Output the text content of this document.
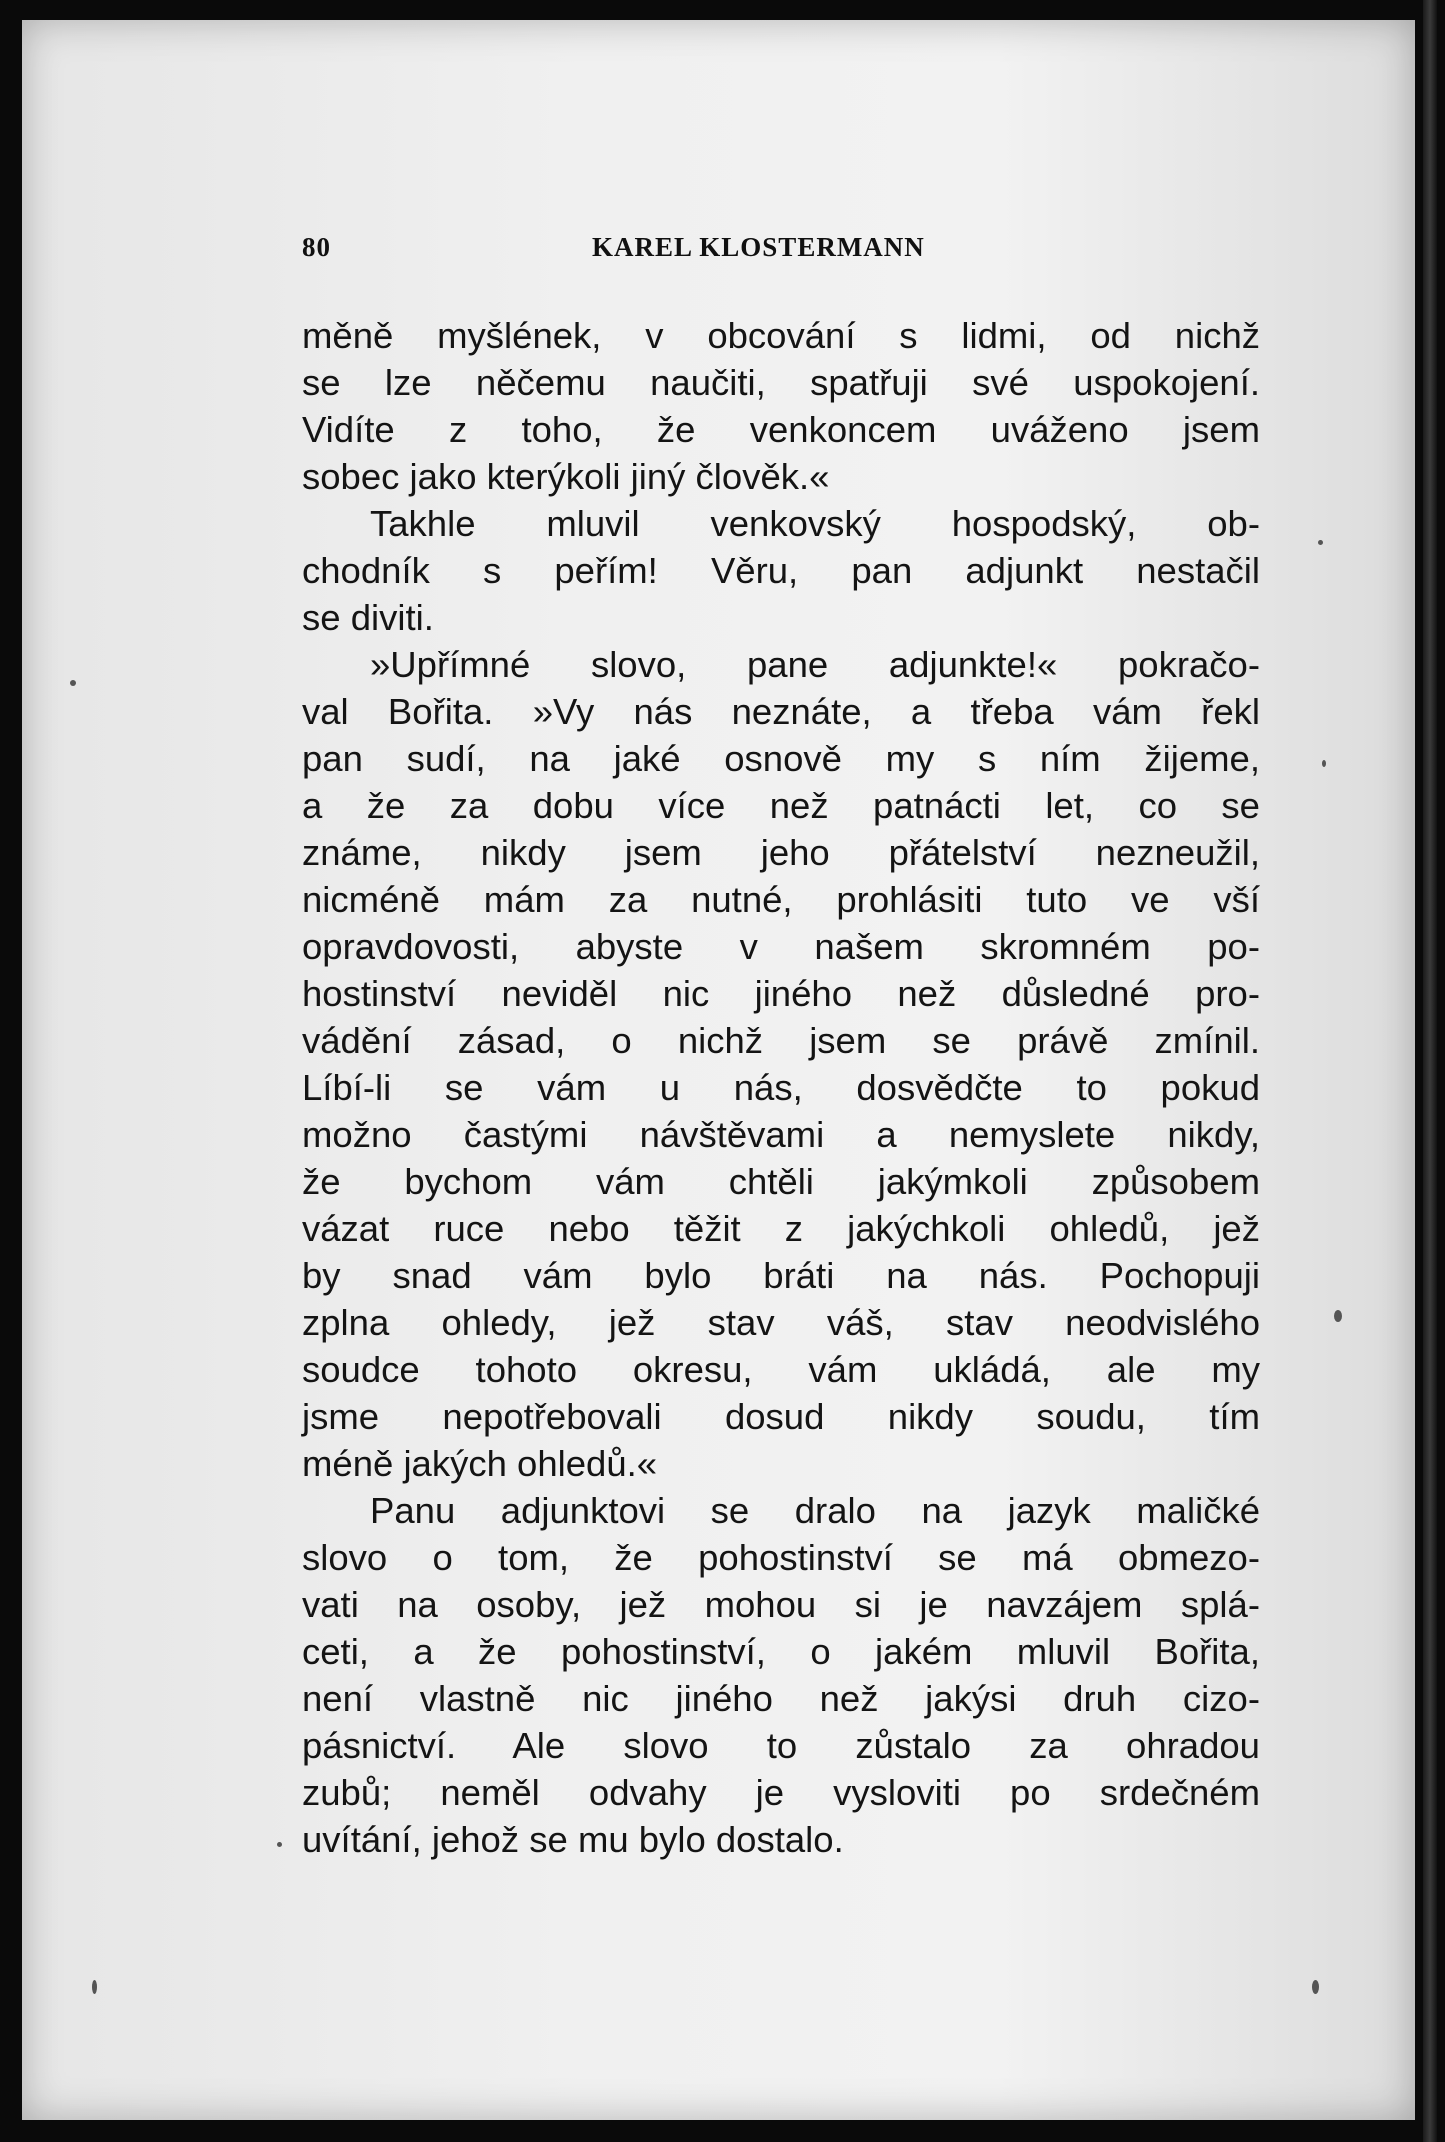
80	KAREL KLOSTERMANN
měně myšlének, v obcování s lidmi, od nichž
se lze něčemu naučiti, spatřuji své uspokojení.
Vidíte z toho, že venkoncem uváženo jsem
sobec jako kterýkoli jiný člověk.«
Takhle mluvil venkovský hospodský, ob-
chodník s peřím! Věru, pan adjunkt nestačil
se diviti.
»Upřímné slovo, pane adjunkte!« pokračo-
val Bořita. »Vy nás neznáte, a třeba vám řekl
pan sudí, na jaké osnově my s ním žijeme,
a že za dobu více než patnácti let, co se
známe, nikdy jsem jeho přátelství nezneužil,
nicméně mám za nutné, prohlásiti tuto ve vší
opravdovosti, abyste v našem skromném po-
hostinství neviděl nic jiného než důsledné pro-
vádění zásad, o nichž jsem se právě zmínil.
Líbí-li se vám u nás, dosvědčte to pokud
možno častými návštěvami a nemyslete nikdy,
že bychom vám chtěli jakýmkoli způsobem
vázat ruce nebo těžit z jakýchkoli ohledů, jež
by snad vám bylo bráti na nás. Pochopuji
zplna ohledy, jež stav váš, stav neodvislého
soudce tohoto okresu, vám ukládá, ale my
jsme nepotřebovali dosud nikdy soudu, tím
méně jakých ohledů.«
Panu adjunktovi se dralo na jazyk maličké
slovo o tom, že pohostinství se má obmezo-
vati na osoby, jež mohou si je navzájem splá-
ceti, a že pohostinství, o jakém mluvil Bořita,
není vlastně nic jiného než jakýsi druh cizo-
pásnictví. Ale slovo to zůstalo za ohradou
zubů; neměl odvahy je vysloviti po srdečném
uvítání, jehož se mu bylo dostalo.
